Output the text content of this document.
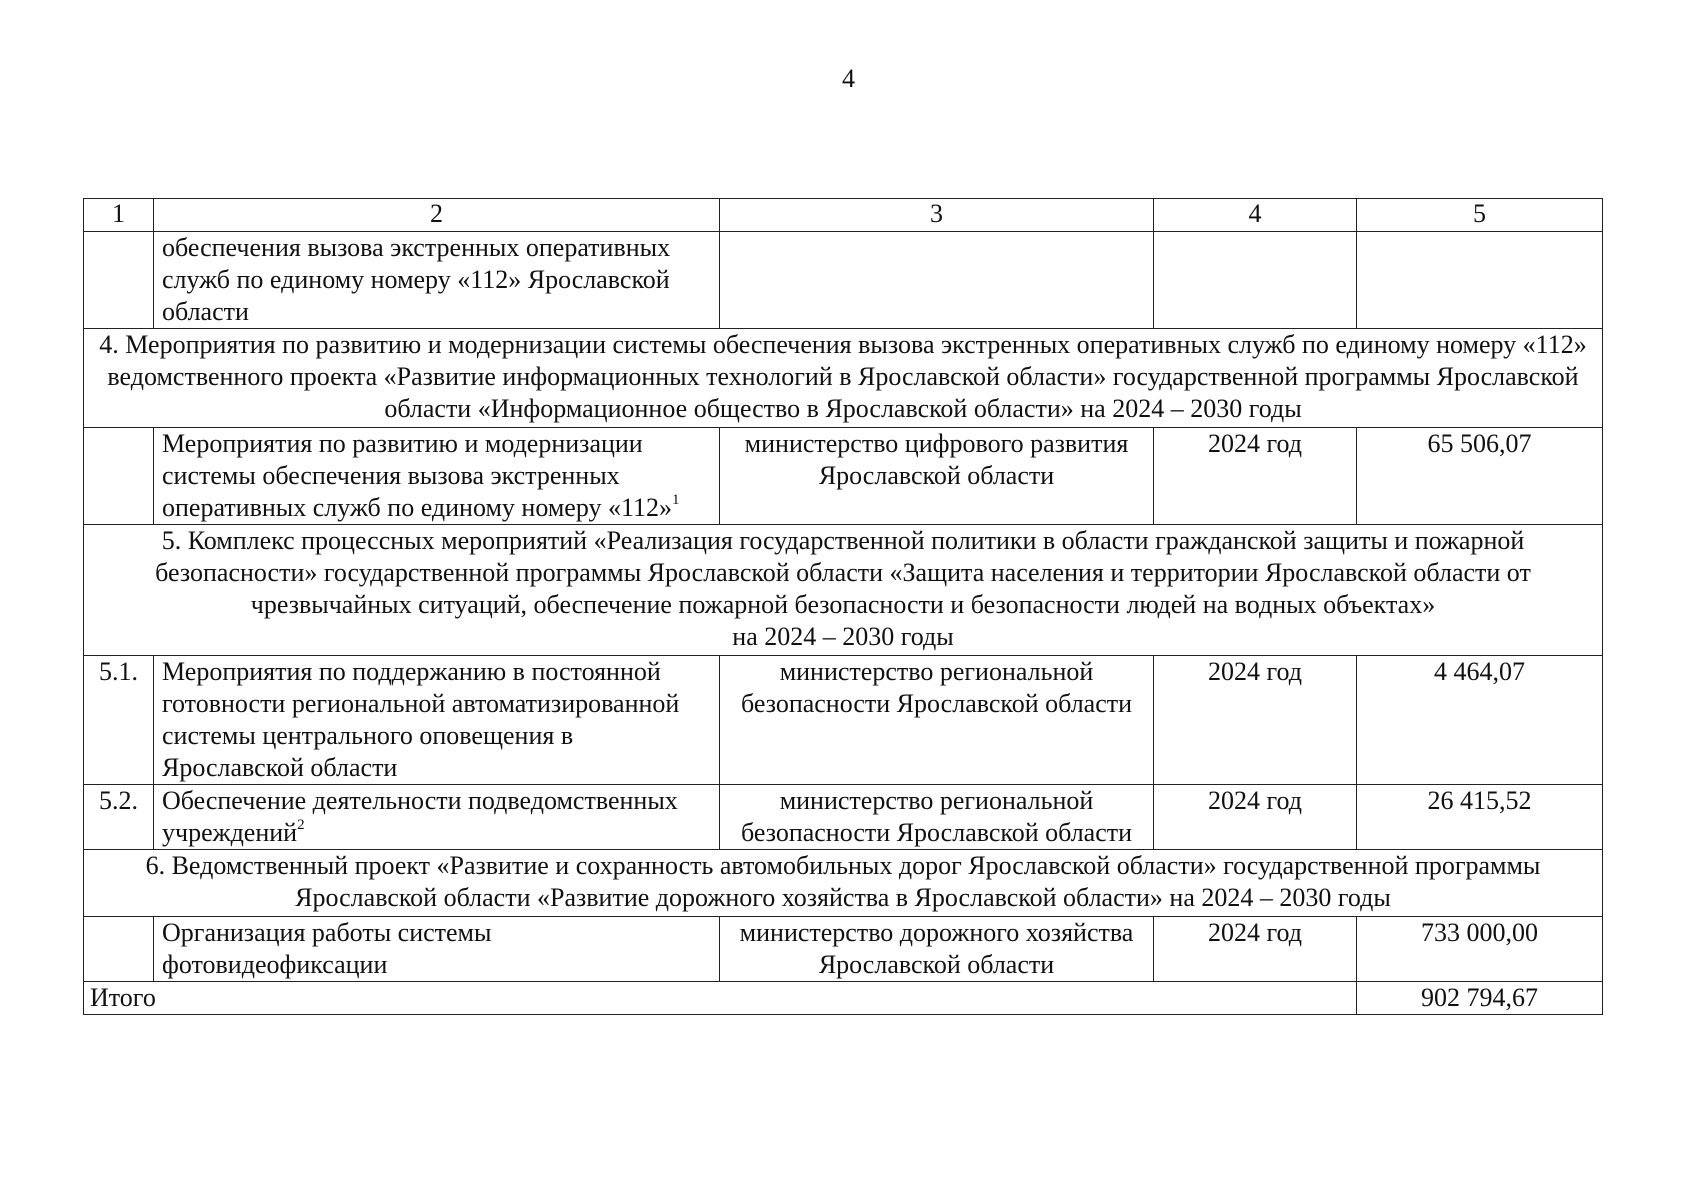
4
1	2	3	4	5
	обеспечения вызова экстренных оперативных служб по единому номеру «112» Ярославской области			
4. Мероприятия по развитию и модернизации системы обеспечения вызова экстренных оперативных служб по единому номеру «112» ведомственного проекта «Развитие информационных технологий в Ярославской области» государственной программы Ярославской области «Информационное общество в Ярославской области» на 2024 – 2030 годы				
	Мероприятия по развитию и модернизации системы обеспечения вызова экстренных оперативных служб по единому номеру «112»$^1$	министерство цифрового развития Ярославской области	2024 год	65 506,07
5. Комплекс процессных мероприятий «Реализация государственной политики в области гражданской защиты и пожарной безопасности» государственной программы Ярославской области «Защита населения и территории Ярославской области от чрезвычайных ситуаций, обеспечение пожарной безопасности и безопасности людей на водных объектах»
на 2024 – 2030 годы				
5.1.	Мероприятия по поддержанию в постоянной готовности региональной автоматизированной системы центрального оповещения в Ярославской области	министерство региональной безопасности Ярославской области	2024 год	4 464,07
5.2.	Обеспечение деятельности подведомственных учреждений$^2$	министерство региональной безопасности Ярославской области	2024 год	26 415,52
6. Ведомственный проект «Развитие и сохранность автомобильных дорог Ярославской области» государственной программы Ярославской области «Развитие дорожного хозяйства в Ярославской области» на 2024 – 2030 годы				
	Организация работы системы фотовидеофиксации	министерство дорожного хозяйства Ярославской области	2024 год	733 000,00
Итого				902 794,67
